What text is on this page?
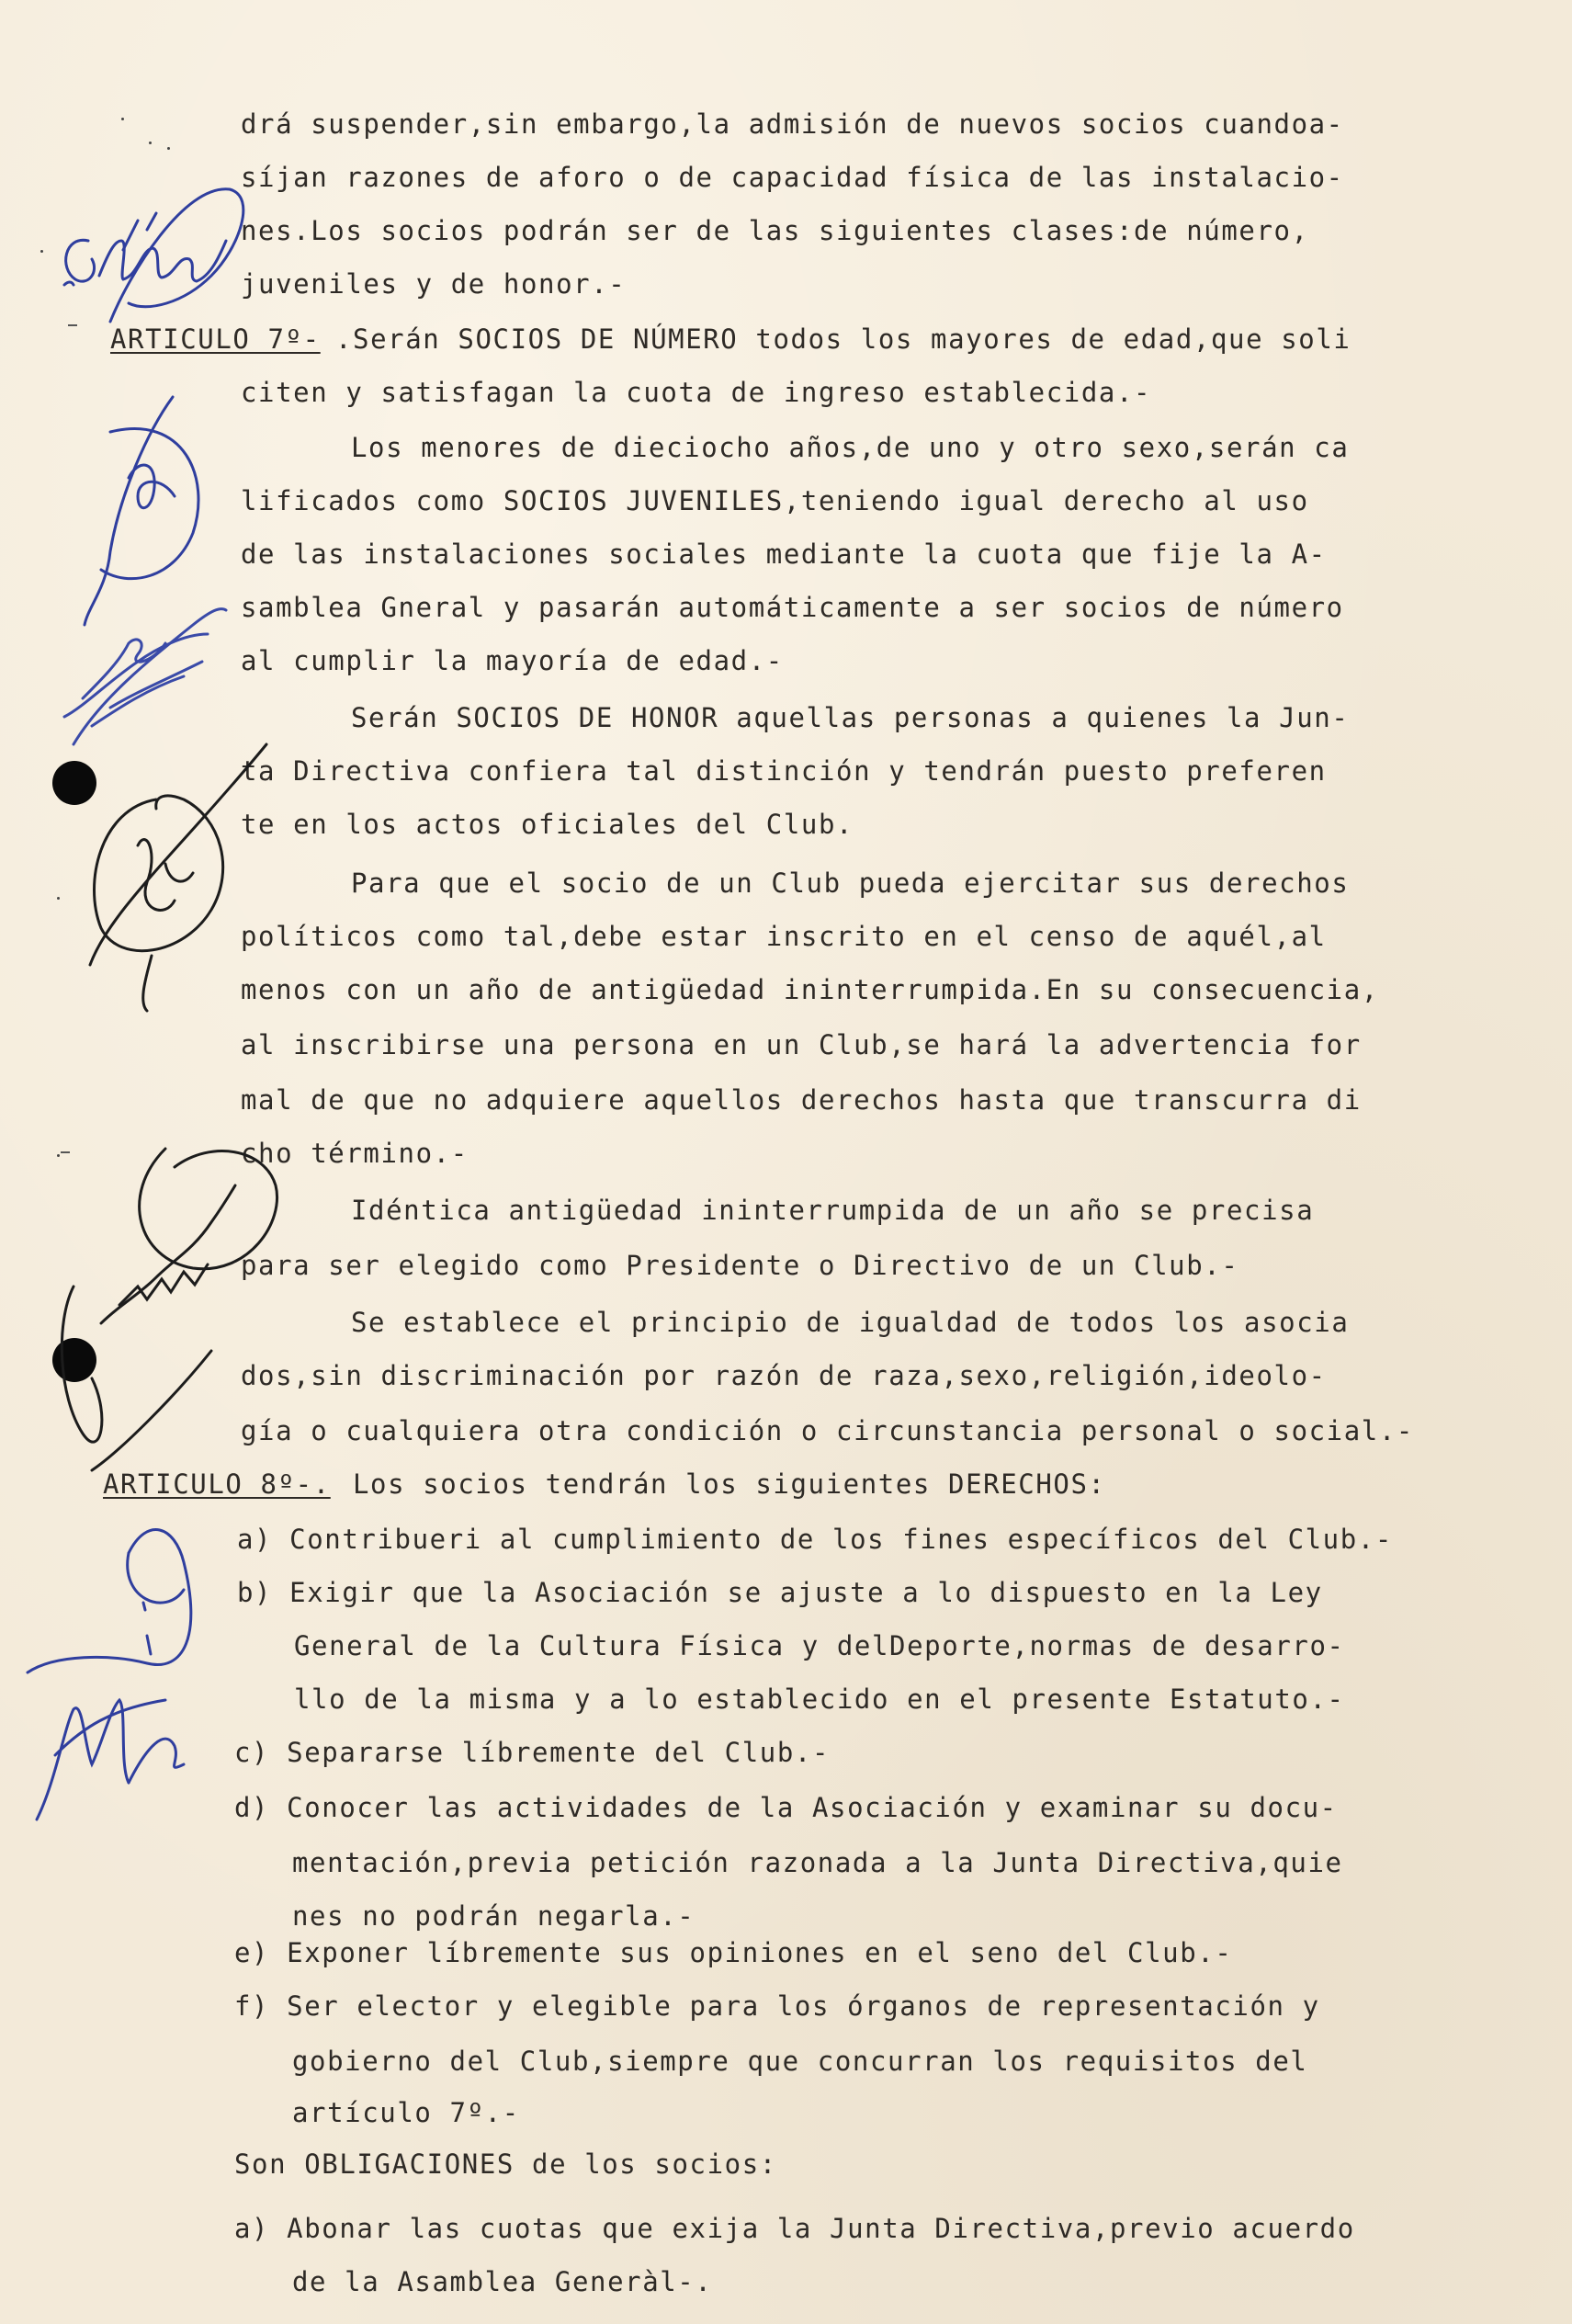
drá suspender,sin embargo,la admisión de nuevos socios cuandoa-
síjan razones de aforo o de capacidad física de las instalacio-
nes.Los socios podrán ser de las siguientes clases:de número,
juveniles y de honor.-
ARTICULO 7º- .Serán SOCIOS DE NÚMERO todos los mayores de edad,que soli
citen y satisfagan la cuota de ingreso establecida.-
Los menores de dieciocho años,de uno y otro sexo,serán ca
lificados como SOCIOS JUVENILES,teniendo igual derecho al uso
de las instalaciones sociales mediante la cuota que fije la A-
samblea Gneral y pasarán automáticamente a ser socios de número
al cumplir la mayoría de edad.-
Serán SOCIOS DE HONOR aquellas personas a quienes la Jun-
ta Directiva confiera tal distinción y tendrán puesto preferen
te en los actos oficiales del Club.
Para que el socio de un Club pueda ejercitar sus derechos
políticos como tal,debe estar inscrito en el censo de aquél,al
menos con un año de antigüedad ininterrumpida.En su consecuencia,
al inscribirse una persona en un Club,se hará la advertencia for
mal de que no adquiere aquellos derechos hasta que transcurra di
cho término.-
Idéntica antigüedad ininterrumpida de un año se precisa
para ser elegido como Presidente o Directivo de un Club.-
Se establece el principio de igualdad de todos los asocia
dos,sin discriminación por razón de raza,sexo,religión,ideolo-
gía o cualquiera otra condición o circunstancia personal o social.-
ARTICULO 8º-. Los socios tendrán los siguientes DERECHOS:
a) Contribueri al cumplimiento de los fines específicos del Club.-
b) Exigir que la Asociación se ajuste a lo dispuesto en la Ley
General de la Cultura Física y delDeporte,normas de desarro-
llo de la misma y a lo establecido en el presente Estatuto.-
c) Separarse líbremente del Club.-
d) Conocer las actividades de la Asociación y examinar su docu-
mentación,previa petición razonada a la Junta Directiva,quie
nes no podrán negarla.-
e) Exponer líbremente sus opiniones en el seno del Club.-
f) Ser elector y elegible para los órganos de representación y
gobierno del Club,siempre que concurran los requisitos del
artículo 7º.-
Son OBLIGACIONES de los socios:
a) Abonar las cuotas que exija la Junta Directiva,previo acuerdo
de la Asamblea Generàl-.
